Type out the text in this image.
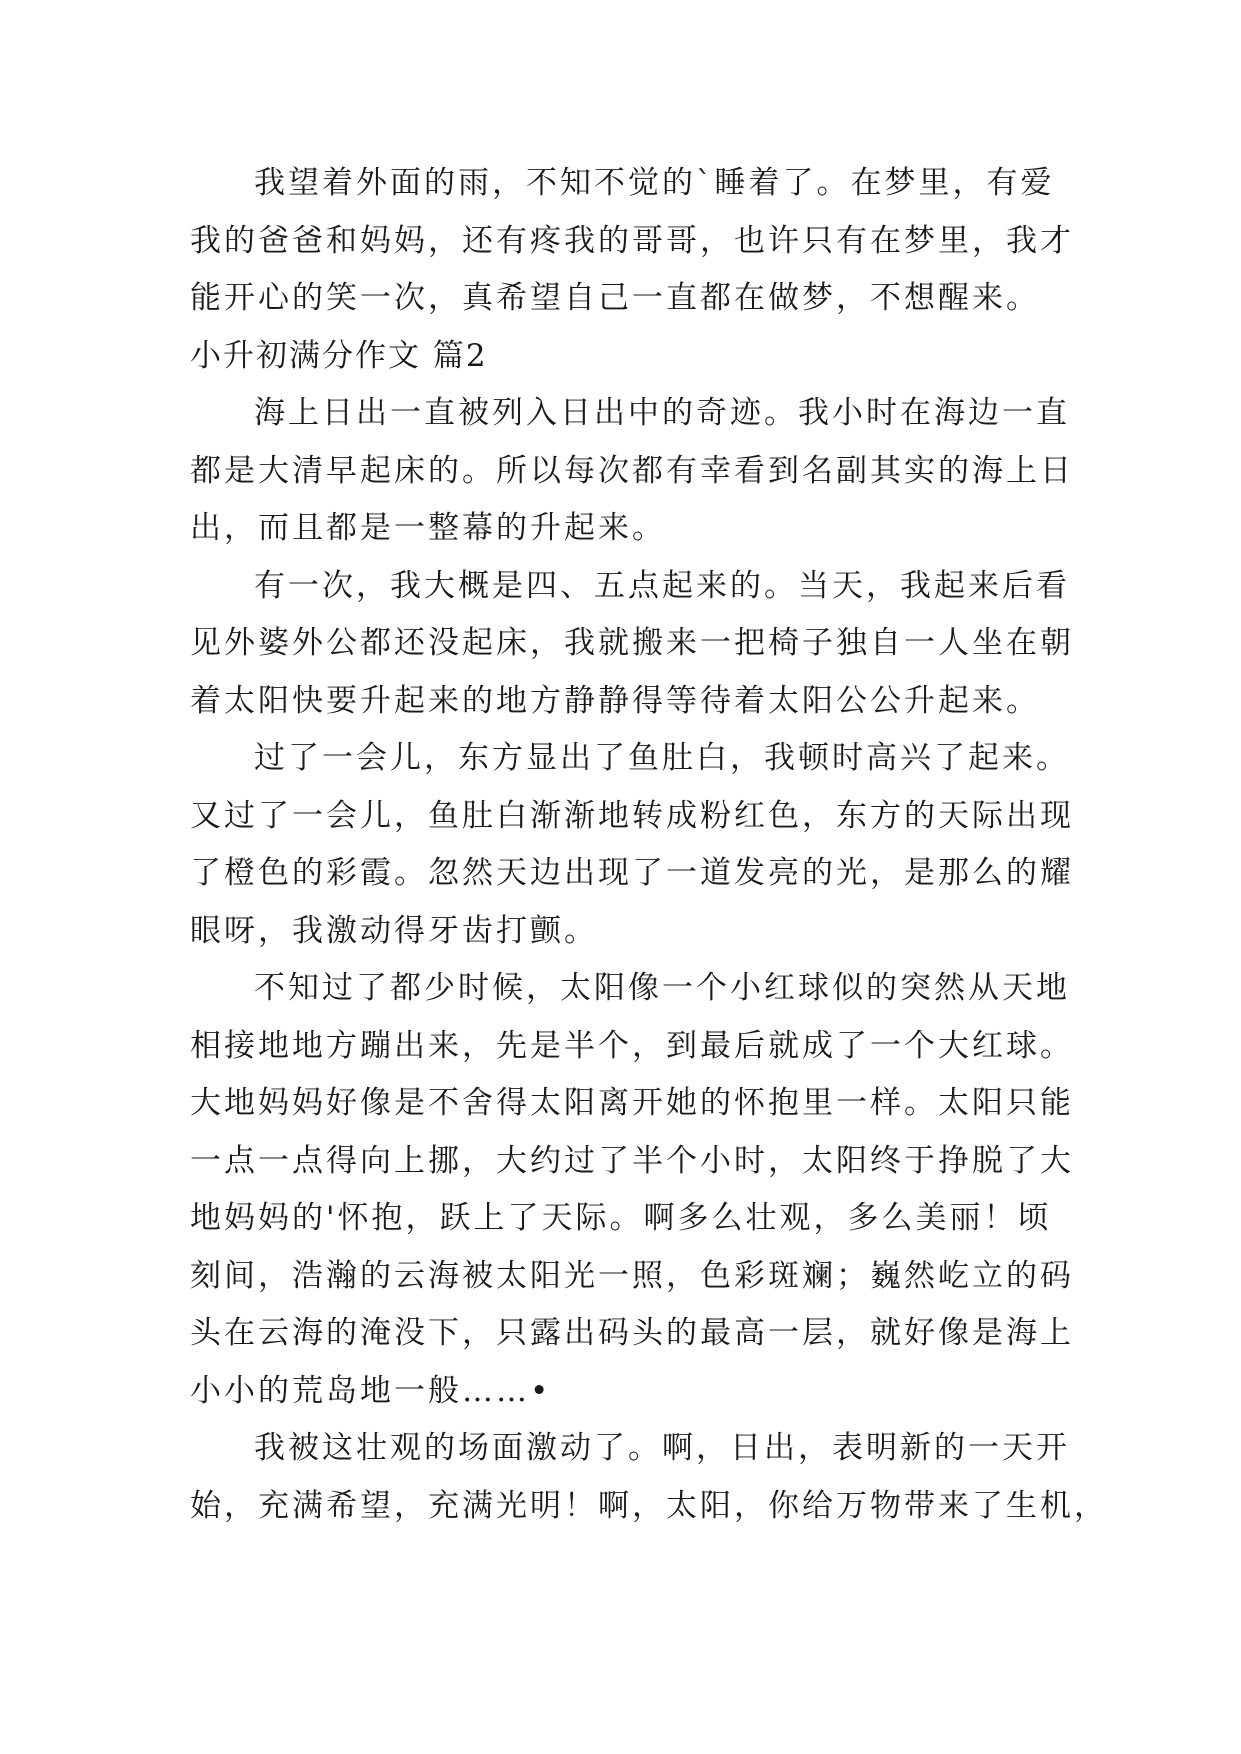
我望着外面的雨，不知不觉的`睡着了。在梦里，有爱
我的爸爸和妈妈，还有疼我的哥哥，也许只有在梦里，我才
能开心的笑一次，真希望自己一直都在做梦，不想醒来。
小升初满分作文 篇2
海上日出一直被列入日出中的奇迹。我小时在海边一直
都是大清早起床的。所以每次都有幸看到名副其实的海上日
出，而且都是一整幕的升起来。
有一次，我大概是四、五点起来的。当天，我起来后看
见外婆外公都还没起床，我就搬来一把椅子独自一人坐在朝
着太阳快要升起来的地方静静得等待着太阳公公升起来。
过了一会儿，东方显出了鱼肚白，我顿时高兴了起来。
又过了一会儿，鱼肚白渐渐地转成粉红色，东方的天际出现
了橙色的彩霞。忽然天边出现了一道发亮的光，是那么的耀
眼呀，我激动得牙齿打颤。
不知过了都少时候，太阳像一个小红球似的突然从天地
相接地地方蹦出来，先是半个，到最后就成了一个大红球。
大地妈妈好像是不舍得太阳离开她的怀抱里一样。太阳只能
一点一点得向上挪，大约过了半个小时，太阳终于挣脱了大
地妈妈的'怀抱，跃上了天际。啊多么壮观，多么美丽！顷
刻间，浩瀚的云海被太阳光一照，色彩斑斓；巍然屹立的码
头在云海的淹没下，只露出码头的最高一层，就好像是海上
小小的荒岛地一般……•
我被这壮观的场面激动了。啊，日出，表明新的一天开
始，充满希望，充满光明！啊，太阳，你给万物带来了生机，
